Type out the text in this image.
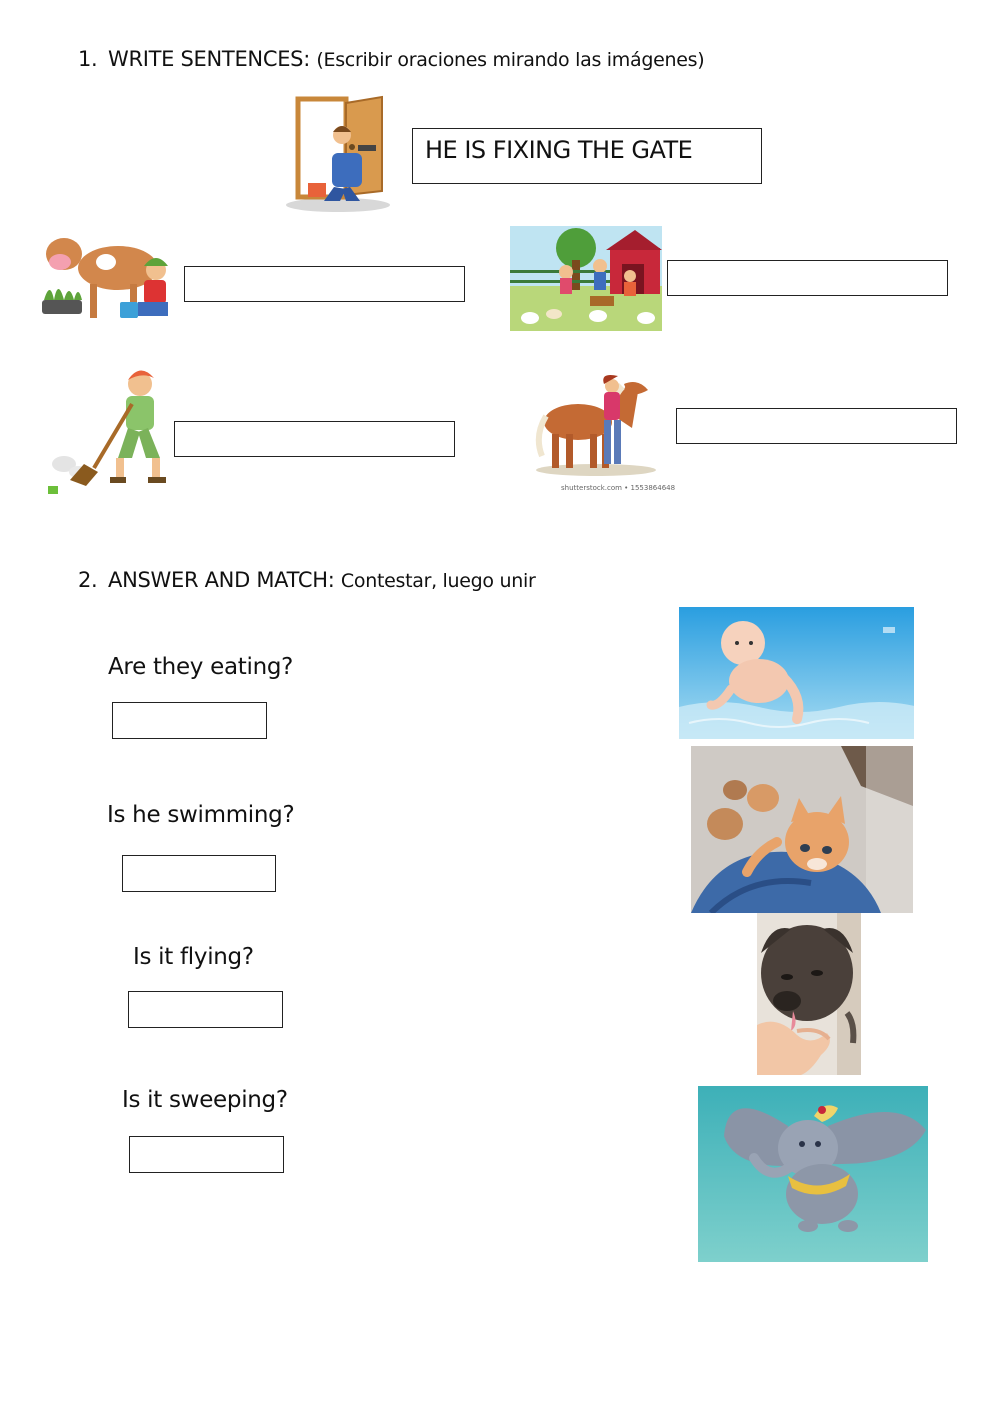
1. WRITE SENTENCES: (Escribir oraciones mirando las imágenes)
HE IS FIXING THE GATE
shutterstock.com • 1553864648
2. ANSWER AND MATCH: Contestar, luego unir
Are they eating?
Is he swimming?
Is it flying?
Is it sweeping?
